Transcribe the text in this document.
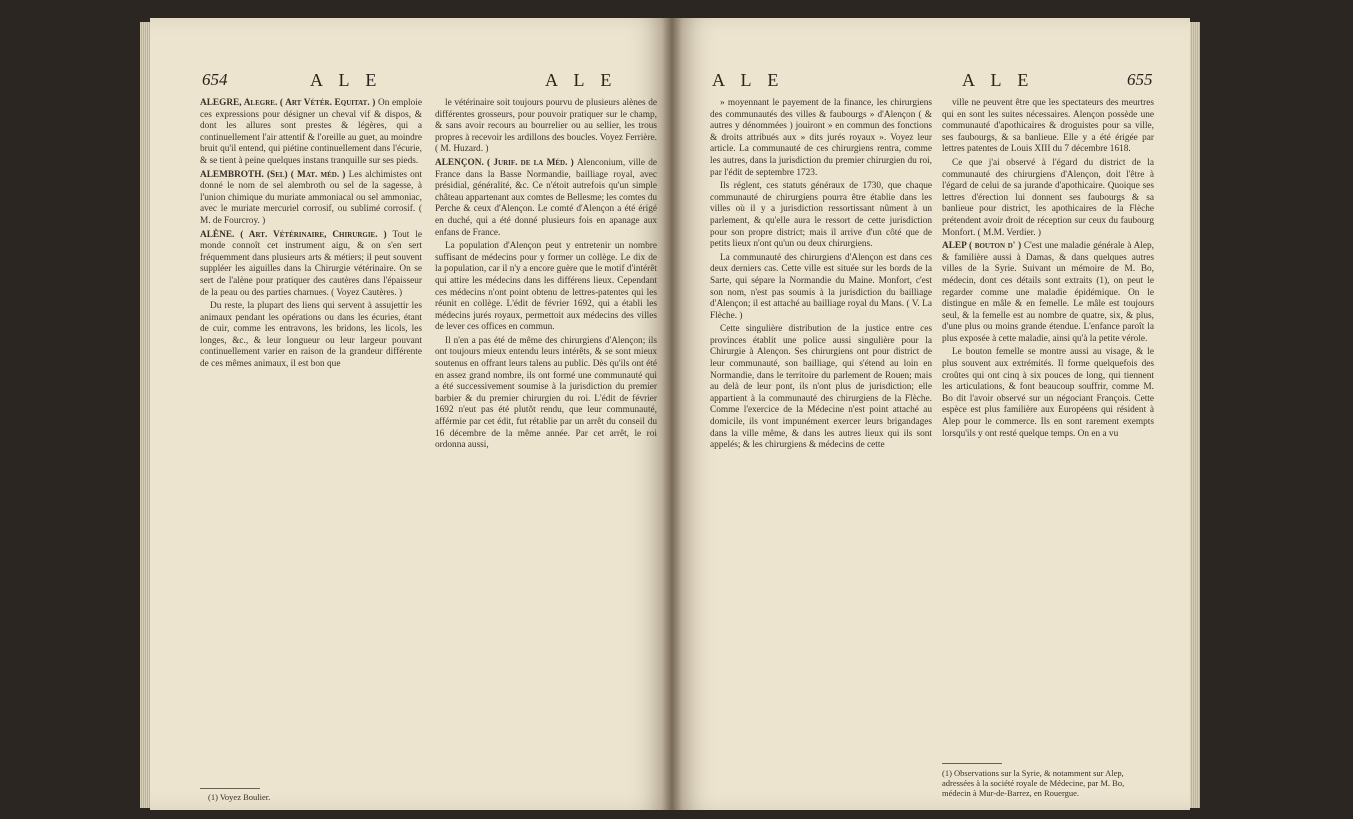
654	A L E	A L E

ALEGRE, Alegre. ( Art Vétér. Equitat. ) On emploie ces expressions pour désigner un cheval vif & dispos, & dont les allures sont prestes & légères, qui a continuellement l'air attentif & l'oreille au guet, au moindre bruit qu'il entend, qui piétine continuellement dans l'écurie, & se tient à peine quelques instans tranquille sur ses pieds.

ALEMBROTH. (Sel) ( Mat. méd. ) Les alchimistes ont donné le nom de sel alembroth ou sel de la sagesse, à l'union chimique du muriate ammoniacal ou sel ammoniac, avec le muriate mercuriel corrosif, ou sublimé corrosif. ( M. de Fourcroy. )

ALÈNE. ( Art. Vétérinaire, Chirurgie. ) Tout le monde connoît cet instrument aigu, & on s'en sert fréquemment dans plusieurs arts & métiers; il peut souvent suppléer les aiguilles dans la Chirurgie vétérinaire. On se sert de l'alène pour pratiquer des cautères dans l'épaisseur de la peau ou des parties charnues. ( Voyez Cautères. )

Du reste, la plupart des liens qui servent à assujettir les animaux pendant les opérations ou dans les écuries, étant de cuir, comme les entravons, les bridons, les licols, les longes, &c., & leur longueur ou leur largeur pouvant continuellement varier en raison de la grandeur différente de ces mêmes animaux, il est bon que

le vétérinaire soit toujours pourvu de plusieurs alènes de différentes grosseurs, pour pouvoir pratiquer sur le champ, & sans avoir recours au bourrelier ou au sellier, les trous propres à recevoir les ardillons des boucles. Voyez Ferrière. ( M. Huzard. )

ALENÇON. ( Jurif. de la Méd. ) Alenconium, ville de France dans la Basse Normandie, bailliage royal, avec présidial, généralité, &c. Ce n'étoit autrefois qu'un simple château appartenant aux comtes de Bellesme; les comtes du Perche & ceux d'Alençon. Le comté d'Alençon a été érigé en duché, qui a été donné plusieurs fois en apanage aux enfans de France.

La population d'Alençon peut y entretenir un nombre suffisant de médecins pour y former un collège. Le dix de la population, car il n'y a encore guère que le motif d'intérêt qui attire les médecins dans les différens lieux. Cependant ces médecins n'ont point obtenu de lettres-patentes qui les réunit en collège. L'édit de février 1692, qui a établi les médecins jurés royaux, permettoit aux médecins des villes de lever ces offices en commun.

Il n'en a pas été de même des chirurgiens d'Alençon; ils ont toujours mieux entendu leurs intérêts, & se sont mieux soutenus en offrant leurs talens au public. Dès qu'ils ont été en assez grand nombre, ils ont formé une communauté qui a été successivement soumise à la jurisdiction du premier barbier & du premier chirurgien du roi. L'édit de février 1692 n'eut pas été plutôt rendu, que leur communauté, afférmie par cet édit, fut rétablie par un arrêt du conseil du 16 décembre de la même année. Par cet arrêt, le roi ordonna aussi,

(1) Voyez Boulier.
A L E	A L E	655

» moyennant le payement de la finance, les chirurgiens des communautés des villes & faubourgs » d'Alençon ( & autres y dénommées ) jouiront » en commun des fonctions & droits attribués aux » dits jurés royaux ». Voyez leur article. La communauté de ces chirurgiens rentra, comme les autres, dans la jurisdiction du premier chirurgien du roi, par l'édit de septembre 1723.

Ils réglent, ces statuts généraux de 1730, que chaque communauté de chirurgiens pourra être établie dans les villes où il y a jurisdiction ressortissant nûment à un parlement, & qu'elle aura le ressort de cette jurisdiction pour son propre district; mais il arrive d'un côté que de petits lieux n'ont qu'un ou deux chirurgiens.

La communauté des chirurgiens d'Alençon est dans ces deux derniers cas. Cette ville est située sur les bords de la Sarte, qui sépare la Normandie du Maine. Monfort, c'est son nom, n'est pas soumis à la jurisdiction du bailliage d'Alençon; il est attaché au bailliage royal du Mans. ( V. La Flèche. )

Cette singulière distribution de la justice entre ces provinces établit une police aussi singulière pour la Chirurgie à Alençon. Ses chirurgiens ont pour district de leur communauté, son bailliage, qui s'étend au loin en Normandie, dans le territoire du parlement de Rouen; mais au delà de leur pont, ils n'ont plus de jurisdiction; elle appartient à la communauté des chirurgiens de la Flèche. Comme l'exercice de la Médecine n'est point attaché au domicile, ils vont impunément exercer leurs brigandages dans la ville même, & dans les autres lieux qui ils sont appelés; & les chirurgiens & médecins de cette

ville ne peuvent être que les spectateurs des meurtres qui en sont les suites nécessaires. Alençon possède une communauté d'apothicaires & droguistes pour sa ville, ses faubourgs, & sa banlieue. Elle y a été érigée par lettres patentes de Louis XIII du 7 décembre 1618.

Ce que j'ai observé à l'égard du district de la communauté des chirurgiens d'Alençon, doit l'être à l'égard de celui de sa jurande d'apothicaire. Quoique ses lettres d'érection lui donnent ses faubourgs & sa banlieue pour district, les apothicaires de la Flèche prétendent avoir droit de réception sur ceux du faubourg Monfort. ( M.M. Verdier. )

ALEP ( bouton d' ) C'est une maladie générale à Alep, & familière aussi à Damas, & dans quelques autres villes de la Syrie. Suivant un mémoire de M. Bo, médecin, dont ces détails sont extraits (1), on peut le regarder comme une maladie épidémique. On le distingue en mâle & en femelle. Le mâle est toujours seul, & la femelle est au nombre de quatre, six, & plus, d'une plus ou moins grande étendue. L'enfance paroît la plus exposée à cette maladie, ainsi qu'à la petite vérole.

Le bouton femelle se montre aussi au visage, & le plus souvent aux extrémités. Il forme quelquefois des croûtes qui ont cinq à six pouces de long, qui tiennent les articulations, & font beaucoup souffrir, comme M. Bo dit l'avoir observé sur un négociant François. Cette espèce est plus familière aux Européens qui résident à Alep pour le commerce. Ils en sont rarement exempts lorsqu'ils y ont resté quelque temps. On en a vu

(1) Observations sur la Syrie, & notamment sur Alep, adressées à la société royale de Médecine, par M. Bo, médecin à Mur-de-Barrez, en Rouergue.
